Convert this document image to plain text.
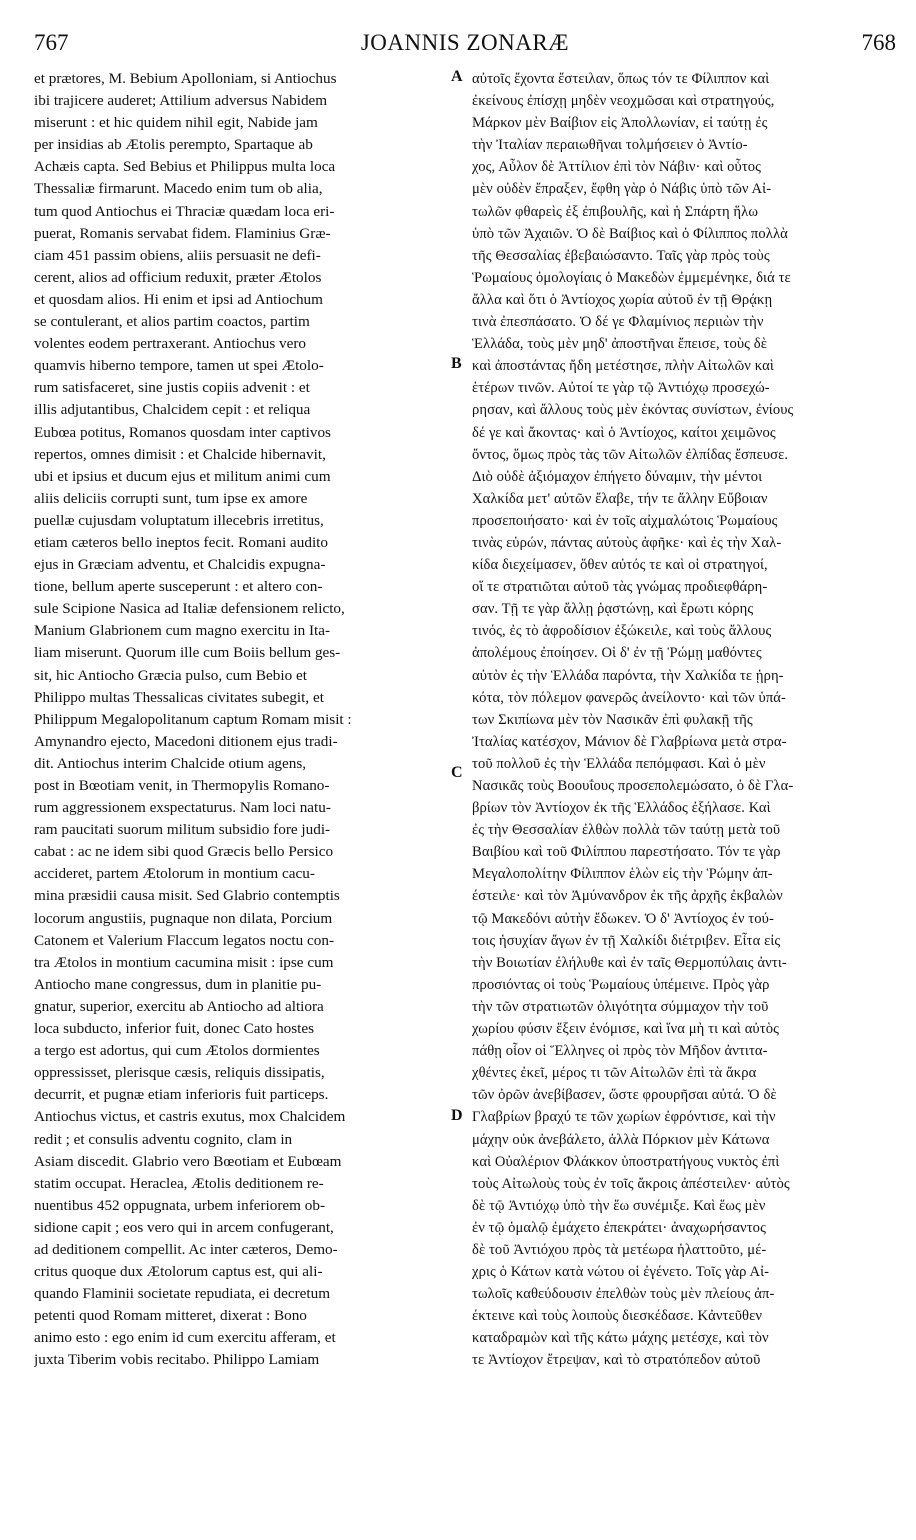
767	JOANNIS ZONARÆ	768
et prætores, M. Bebium Apolloniam, si Antiochus
ibi trajicere auderet; Attilium adversus Nabidem
miserunt : et hic quidem nihil egit, Nabide jam
per insidias ab Ætolis perempto, Spartaque ab
Achæis capta. Sed Bebius et Philippus multa loca
Thessaliæ firmarunt. Macedo enim tum ob alia,
tum quod Antiochus ei Thraciæ quædam loca eri-
puerat, Romanis servabat fidem. Flaminius Græ-
ciam 451 passim obiens, aliis persuasit ne defi-
cerent, alios ad officium reduxit, præter Ætolos
et quosdam alios. Hi enim et ipsi ad Antiochum
se contulerant, et alios partim coactos, partim
volentes eodem pertraxerant. Antiochus vero
quamvis hiberno tempore, tamen ut spei Ætolo-
rum satisfaceret, sine justis copiis advenit : et
illis adjutantibus, Chalcidem cepit : et reliqua
Eubœa potitus, Romanos quosdam inter captivos
repertos, omnes dimisit : et Chalcide hibernavit,
ubi et ipsius et ducum ejus et militum animi cum
aliis deliciis corrupti sunt, tum ipse ex amore
puellæ cujusdam voluptatum illecebris irretitus,
etiam cæteros bello ineptos fecit. Romani audito
ejus in Græciam adventu, et Chalcidis expugna-
tione, bellum aperte susceperunt : et altero con-
sule Scipione Nasica ad Italiæ defensionem relicto,
Manium Glabrionem cum magno exercitu in Ita-
liam miserunt. Quorum ille cum Boiis bellum ges-
sit, hic Antiocho Græcia pulso, cum Bebio et
Philippo multas Thessalicas civitates subegit, et
Philippum Megalopolitanum captum Romam misit :
Amynandro ejecto, Macedoni ditionem ejus tradi-
dit. Antiochus interim Chalcide otium agens,
post in Bœotiam venit, in Thermopylis Romano-
rum aggressionem exspectaturus. Nam loci natu-
ram paucitati suorum militum subsidio fore judi-
cabat : ac ne idem sibi quod Græcis bello Persico
accideret, partem Ætolorum in montium cacu-
mina præsidii causa misit. Sed Glabrio contemptis
locorum angustiis, pugnaque non dilata, Porcium
Catonem et Valerium Flaccum legatos noctu con-
tra Ætolos in montium cacumina misit : ipse cum
Antiocho mane congressus, dum in planitie pu-
gnatur, superior, exercitu ab Antiocho ad altiora
loca subducto, inferior fuit, donec Cato hostes
a tergo est adortus, qui cum Ætolos dormientes
oppressisset, plerisque cæsis, reliquis dissipatis,
decurrit, et pugnæ etiam inferioris fuit particeps.
Antiochus victus, et castris exutus, mox Chalcidem
redit ; et consulis adventu cognito, clam in
Asiam discedit. Glabrio vero Bœotiam et Eubœam
statim occupat. Heraclea, Ætolis deditionem re-
nuentibus 452 oppugnata, urbem inferiorem ob-
sidione capit ; eos vero qui in arcem confugerant,
ad deditionem compellit. Ac inter cæteros, Demo-
critus quoque dux Ætolorum captus est, qui ali-
quando Flaminii societate repudiata, ei decretum
petenti quod Romam mitteret, dixerat : Bono
animo esto : ego enim id cum exercitu afferam, et
juxta Tiberim vobis recitabo. Philippo Lamiam
αὐτοῖς ἔχοντα ἔστειλαν, ὅπως τόν τε Φίλιππον καὶ
ἐκείνους ἐπίσχῃ μηδὲν νεοχμῶσαι καὶ στρατηγούς,
Μάρκον μὲν Βαίβιον εἰς Ἀπολλωνίαν, εἰ ταύτῃ ἐς
τὴν Ἰταλίαν περαιωθῆναι τολμήσειεν ὁ Ἀντίο-
χος, Αὖλον δὲ Ἀττίλιον ἐπὶ τὸν Νάβιν· καὶ οὗτος
μὲν οὐδὲν ἔπραξεν, ἔφθη γὰρ ὁ Νάβις ὑπὸ τῶν Αἰ-
τωλῶν φθαρεὶς ἐξ ἐπιβουλῆς, καὶ ἡ Σπάρτη ἥλω
ὑπὸ τῶν Ἀχαιῶν. Ὁ δὲ Βαίβιος καὶ ὁ Φίλιππος πολλὰ
τῆς Θεσσαλίας ἐβεβαιώσαντο. Ταῖς γὰρ πρὸς τοὺς
Ῥωμαίους ὁμολογίαις ὁ Μακεδὼν ἐμμεμένηκε, διά τε
ἄλλα καὶ ὅτι ὁ Ἀντίοχος χωρία αὐτοῦ ἐν τῇ Θρᾴκῃ
τινὰ ἐπεσπάσατο. Ὁ δέ γε Φλαμίνιος περιιὼν τὴν
Ἑλλάδα, τοὺς μὲν μηδ' ἀποστῆναι ἔπεισε, τοὺς δὲ
καὶ ἀποστάντας ἤδη μετέστησε, πλὴν Αἰτωλῶν καὶ
ἑτέρων τινῶν. Αὐτοί τε γὰρ τῷ Ἀντιόχῳ προσεχώ-
ρησαν, καὶ ἄλλους τοὺς μὲν ἑκόντας συνίστων, ἐνίους
δέ γε καὶ ἄκοντας· καὶ ὁ Ἀντίοχος, καίτοι χειμῶνος
ὄντος, ὅμως πρὸς τὰς τῶν Αἰτωλῶν ἐλπίδας ἔσπευσε.
Διὸ οὐδὲ ἀξιόμαχον ἐπήγετο δύναμιν, τὴν μέντοι
Χαλκίδα μετ' αὐτῶν ἔλαβε, τήν τε ἄλλην Εὔβοιαν
προσεποιήσατο· καὶ ἐν τοῖς αἰχμαλώτοις Ῥωμαίους
τινὰς εὑρών, πάντας αὐτοὺς ἀφῆκε· καὶ ἐς τὴν Χαλ-
κίδα διεχείμασεν, ὅθεν αὐτός τε καὶ οἱ στρατηγοί,
οἵ τε στρατιῶται αὐτοῦ τὰς γνώμας προδιεφθάρη-
σαν. Τῇ τε γὰρ ἄλλῃ ῥᾳστώνῃ, καὶ ἔρωτι κόρης
τινός, ἐς τὸ ἀφροδίσιον ἐξώκειλε, καὶ τοὺς ἄλλους
ἀπολέμους ἐποίησεν. Οἱ δ' ἐν τῇ Ῥώμῃ μαθόντες
αὐτὸν ἐς τὴν Ἑλλάδα παρόντα, τὴν Χαλκίδα τε ᾑρη-
κότα, τὸν πόλεμον φανερῶς ἀνείλοντο· καὶ τῶν ὑπά-
των Σκιπίωνα μὲν τὸν Νασικᾶν ἐπὶ φυλακῇ τῆς
Ἰταλίας κατέσχον, Μάνιον δὲ Γλαβρίωνα μετὰ στρα-
τοῦ πολλοῦ ἐς τὴν Ἑλλάδα πεπόμφασι. Καὶ ὁ μὲν
Νασικᾶς τοὺς Βοουΐους προσεπολεμώσατο, ὁ δὲ Γλα-
βρίων τὸν Ἀντίοχον ἐκ τῆς Ἑλλάδος ἐξήλασε. Καὶ
ἐς τὴν Θεσσαλίαν ἐλθὼν πολλὰ τῶν ταύτῃ μετὰ τοῦ
Βαιβίου καὶ τοῦ Φιλίππου παρεστήσατο. Τόν τε γὰρ
Μεγαλοπολίτην Φίλιππον ἑλὼν εἰς τὴν Ῥώμην ἀπ-
έστειλε· καὶ τὸν Ἀμύνανδρον ἐκ τῆς ἀρχῆς ἐκβαλὼν
τῷ Μακεδόνι αὐτὴν ἔδωκεν. Ὁ δ' Ἀντίοχος ἐν τού-
τοις ἡσυχίαν ἄγων ἐν τῇ Χαλκίδι διέτριβεν. Εἶτα εἰς
τὴν Βοιωτίαν ἐλήλυθε καὶ ἐν ταῖς Θερμοπύλαις ἀντι-
προσιόντας οἱ τοὺς Ῥωμαίους ὑπέμεινε. Πρὸς γὰρ
τὴν τῶν στρατιωτῶν ὀλιγότητα σύμμαχον τὴν τοῦ
χωρίου φύσιν ἕξειν ἐνόμισε, καὶ ἵνα μὴ τι καὶ αὐτὸς
πάθῃ οἷον οἱ Ἕλληνες οἱ πρὸς τὸν Μῆδον ἀντιτα-
χθέντες ἐκεῖ, μέρος τι τῶν Αἰτωλῶν ἐπὶ τὰ ἄκρα
τῶν ὀρῶν ἀνεβίβασεν, ὥστε φρουρῆσαι αὐτά. Ὁ δὲ
Γλαβρίων βραχύ τε τῶν χωρίων ἐφρόντισε, καὶ τὴν
μάχην οὐκ ἀνεβάλετο, ἀλλὰ Πόρκιον μὲν Κάτωνα
καὶ Οὐαλέριον Φλάκκον ὑποστρατήγους νυκτὸς ἐπὶ
τοὺς Αἰτωλοὺς τοὺς ἐν τοῖς ἄκροις ἀπέστειλεν· αὐτὸς
δὲ τῷ Ἀντιόχῳ ὑπὸ τὴν ἕω συνέμιξε. Καὶ ἕως μὲν
ἐν τῷ ὁμαλῷ ἐμάχετο ἐπεκράτει· ἀναχωρήσαντος
δὲ τοῦ Ἀντιόχου πρὸς τὰ μετέωρα ἡλαττοῦτο, μέ-
χρις ὁ Κάτων κατὰ νώτου οἱ ἐγένετο. Τοῖς γὰρ Αἰ-
τωλοῖς καθεύδουσιν ἐπελθὼν τοὺς μὲν πλείους ἀπ-
έκτεινε καὶ τοὺς λοιποὺς διεσκέδασε. Κἀντεῦθεν
καταδραμὼν καὶ τῆς κάτω μάχης μετέσχε, καὶ τὸν
τε Ἀντίοχον ἔτρεψαν, καὶ τὸ στρατόπεδον αὐτοῦ
A
B
C
D
